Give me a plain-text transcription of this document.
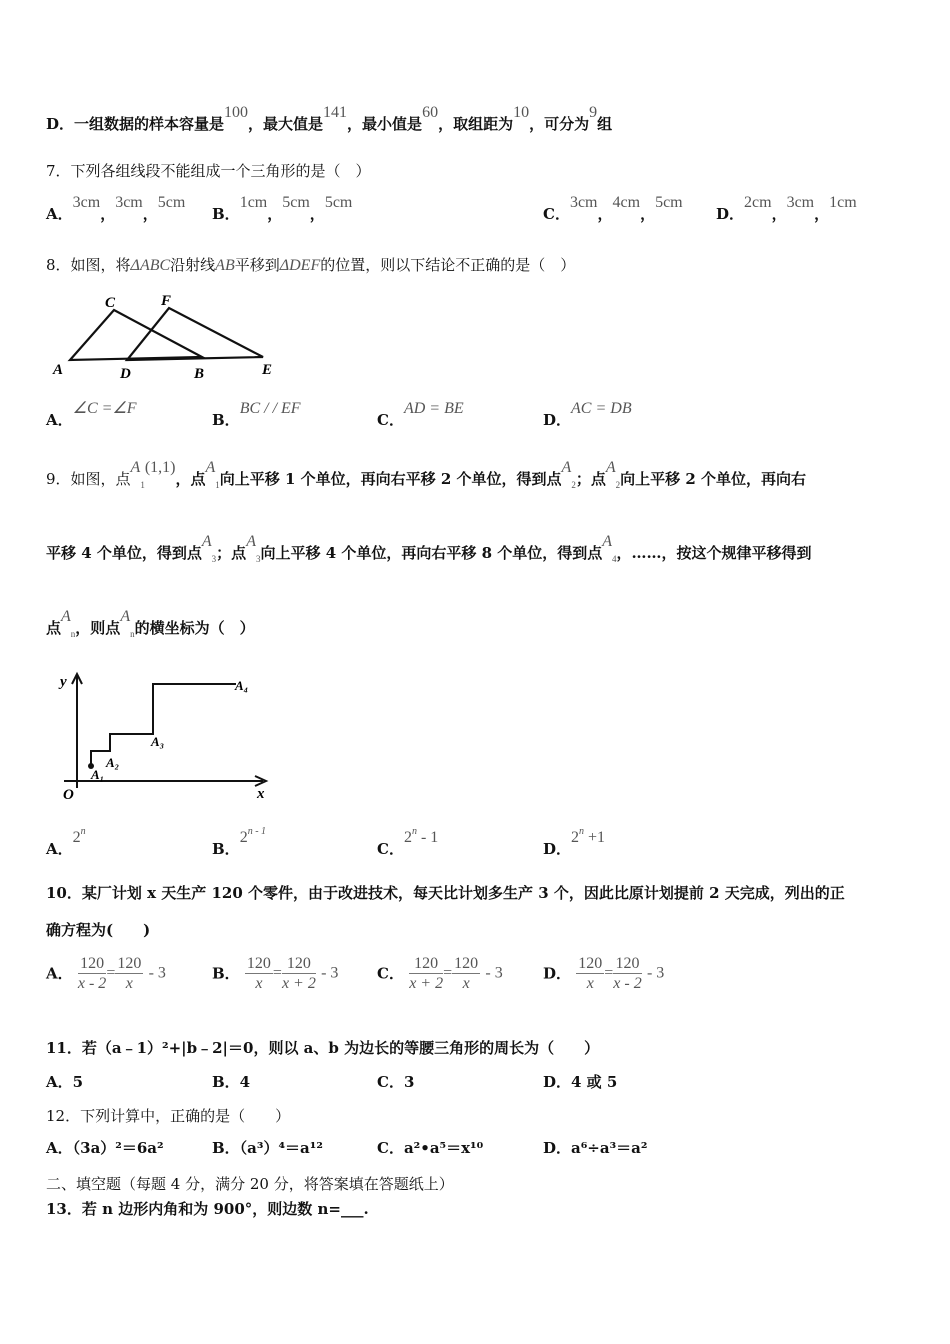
D．一组数据的样本容量是100，最大值是141，最小值是60，取组距为10，可分为9组
7．下列各组线段不能组成一个三角形的是（　）
A．3cm，3cm，5cm
B．1cm，5cm，5cm
C．3cm，4cm，5cm
D．2cm，3cm，1cm
8．如图，将ΔABC沿射线AB平移到ΔDEF的位置，则以下结论不正确的是（　）
C	F
A	D	B	E
A．∠C =∠F
B．BC / / EF
C．AD = BE
D．AC = DB
9．如图，点$A_1(1,1)$，点$A_1$向上平移 1 个单位，再向右平移 2 个单位，得到点$A_2$；点$A_2$向上平移 2 个单位，再向右
平移 4 个单位，得到点$A_3$；点$A_3$向上平移 4 个单位，再向右平移 8 个单位，得到点$A_4$，……，按这个规律平移得到
点$A_n$，则点$A_n$的横坐标为（　）
y
x
O
A₁
A₂
A₃
A₄
A．2$^n$
B．2$^{n - 1}$
C．2$^n$ - 1
D．$2^n +1$
10．某厂计划 x 天生产 120 个零件，由于改进技术，每天比计划多生产 3 个，因此比原计划提前 2 天完成，列出的正
确方程为(　　)
A． $\frac{120}{x - 2} = \frac{120}{x} - 3$	B． $\frac{120}{x} = \frac{120}{x + 2} - 3$	C． $\frac{120}{x + 2} = \frac{120}{x} - 3$	D． $\frac{120}{x} = \frac{120}{x - 2} - 3$
11．若（a﹣1）²+|b﹣2|＝0，则以 a、b 为边长的等腰三角形的周长为（　　）
A．5	B．4	C．3	D．4 或 5
12．下列计算中，正确的是（　　）
A．（3a）²＝6a²	B．（a³）⁴＝a¹²	C．a²•a⁵＝x¹⁰	D．a⁶÷a³＝a²
二、填空题（每题 4 分，满分 20 分，将答案填在答题纸上）
13．若 n 边形内角和为 900°，则边数 n=___.
